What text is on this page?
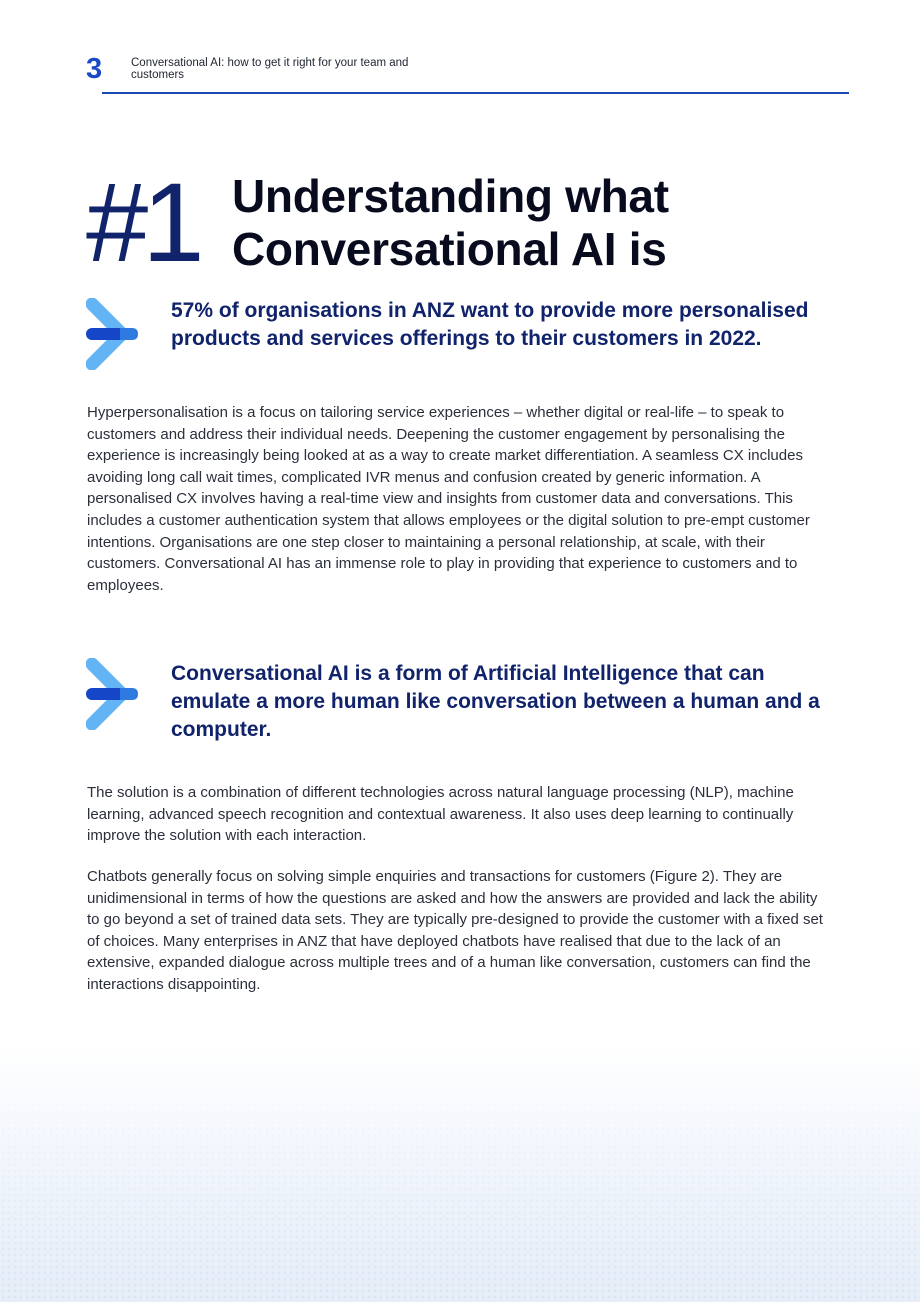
3	Conversational AI: how to get it right for your team and customers
#1 Understanding what Conversational AI is
57% of organisations in ANZ want to provide more personalised products and services offerings to their customers in 2022.

Hyperpersonalisation is a focus on tailoring service experiences – whether digital or real-life – to speak to customers and address their individual needs. Deepening the customer engagement by personalising the experience is increasingly being looked at as a way to create market differentiation. A seamless CX includes avoiding long call wait times, complicated IVR menus and confusion created by generic information. A personalised CX involves having a real-time view and insights from customer data and conversations. This includes a customer authentication system that allows employees or the digital solution to pre-empt customer intentions. Organisations are one step closer to maintaining a personal relationship, at scale, with their customers. Conversational AI has an immense role to play in providing that experience to customers and to employees.

Conversational AI is a form of Artificial Intelligence that can emulate a more human like conversation between a human and a computer.

The solution is a combination of different technologies across natural language processing (NLP), machine learning, advanced speech recognition and contextual awareness. It also uses deep learning to continually improve the solution with each interaction.

Chatbots generally focus on solving simple enquiries and transactions for customers (Figure 2). They are unidimensional in terms of how the questions are asked and how the answers are provided and lack the ability to go beyond a set of trained data sets. They are typically pre-designed to provide the customer with a fixed set of choices. Many enterprises in ANZ that have deployed chatbots have realised that due to the lack of an extensive, expanded dialogue across multiple trees and of a human like conversation, customers can find the interactions disappointing.
